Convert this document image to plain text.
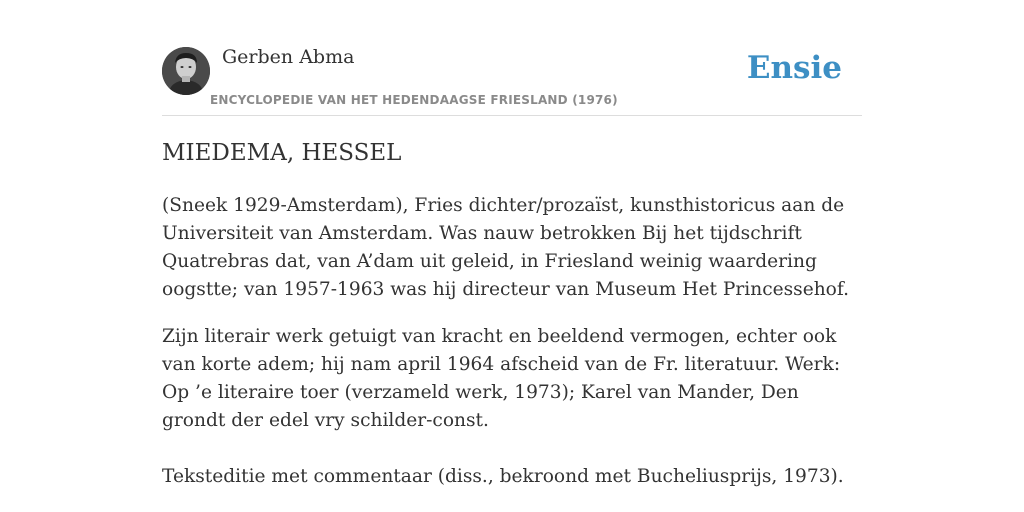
Gerben Abma
ENCYCLOPEDIE VAN HET HEDENDAAGSE FRIESLAND (1976)
Ensie
MIEDEMA, HESSEL

(Sneek 1929-Amsterdam), Fries dichter/prozaïst, kunsthistoricus aan de Universiteit van Amsterdam. Was nauw betrokken Bij het tijdschrift Quatrebras dat, van A’dam uit geleid, in Friesland weinig waardering oogstte; van 1957-1963 was hij directeur van Museum Het Princessehof.

Zijn literair werk getuigt van kracht en beeldend vermogen, echter ook van korte adem; hij nam april 1964 afscheid van de Fr. literatuur. Werk: Op ’e literaire toer (verzameld werk, 1973); Karel van Mander, Den grondt der edel vry schilder-const.

Teksteditie met commentaar (diss., bekroond met Bucheliusprijs, 1973).
